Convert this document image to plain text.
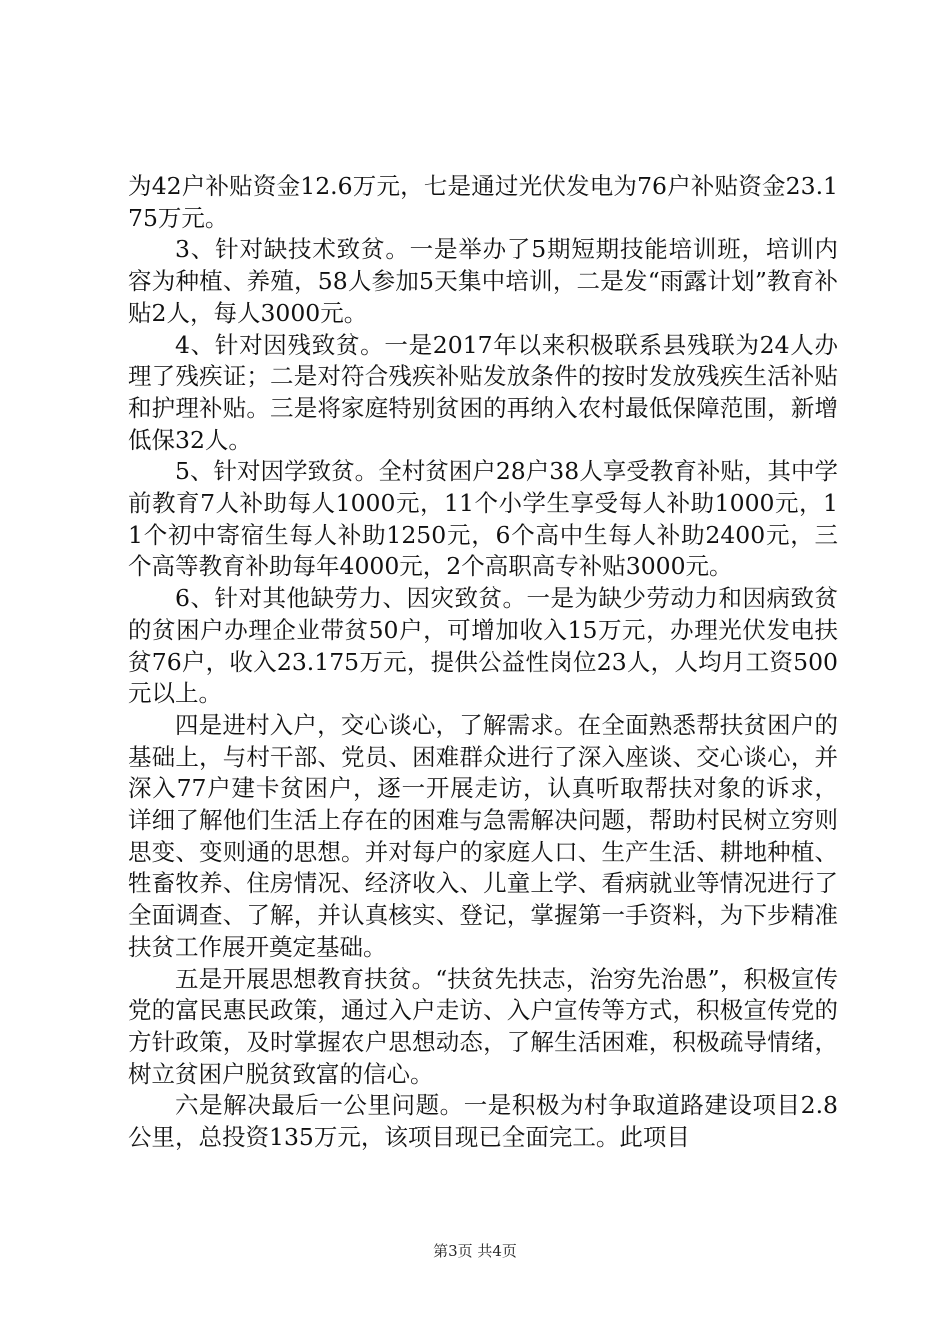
为42户补贴资金12.6万元，七是通过光伏发电为76户补贴资金23.175万元。

3、针对缺技术致贫。一是举办了5期短期技能培训班，培训内容为种植、养殖，58人参加5天集中培训，二是发“雨露计划”教育补贴2人，每人3000元。

4、针对因残致贫。一是2017年以来积极联系县残联为24人办理了残疾证；二是对符合残疾补贴发放条件的按时发放残疾生活补贴和护理补贴。三是将家庭特别贫困的再纳入农村最低保障范围，新增低保32人。

5、针对因学致贫。全村贫困户28户38人享受教育补贴，其中学前教育7人补助每人1000元，11个小学生享受每人补助1000元，11个初中寄宿生每人补助1250元，6个高中生每人补助2400元，三个高等教育补助每年4000元，2个高职高专补贴3000元。

6、针对其他缺劳力、因灾致贫。一是为缺少劳动力和因病致贫的贫困户办理企业带贫50户，可增加收入15万元，办理光伏发电扶贫76户，收入23.175万元，提供公益性岗位23人，人均月工资500元以上。

四是进村入户，交心谈心，了解需求。在全面熟悉帮扶贫困户的基础上，与村干部、党员、困难群众进行了深入座谈、交心谈心，并深入77户建卡贫困户，逐一开展走访，认真听取帮扶对象的诉求，详细了解他们生活上存在的困难与急需解决问题，帮助村民树立穷则思变、变则通的思想。并对每户的家庭人口、生产生活、耕地种植、牲畜牧养、住房情况、经济收入、儿童上学、看病就业等情况进行了全面调查、了解，并认真核实、登记，掌握第一手资料，为下步精准扶贫工作展开奠定基础。

五是开展思想教育扶贫。“扶贫先扶志，治穷先治愚”，积极宣传党的富民惠民政策，通过入户走访、入户宣传等方式，积极宣传党的方针政策，及时掌握农户思想动态，了解生活困难，积极疏导情绪，树立贫困户脱贫致富的信心。

六是解决最后一公里问题。一是积极为村争取道路建设项目2.8公里，总投资135万元，该项目现已全面完工。此项目

第3页 共4页
